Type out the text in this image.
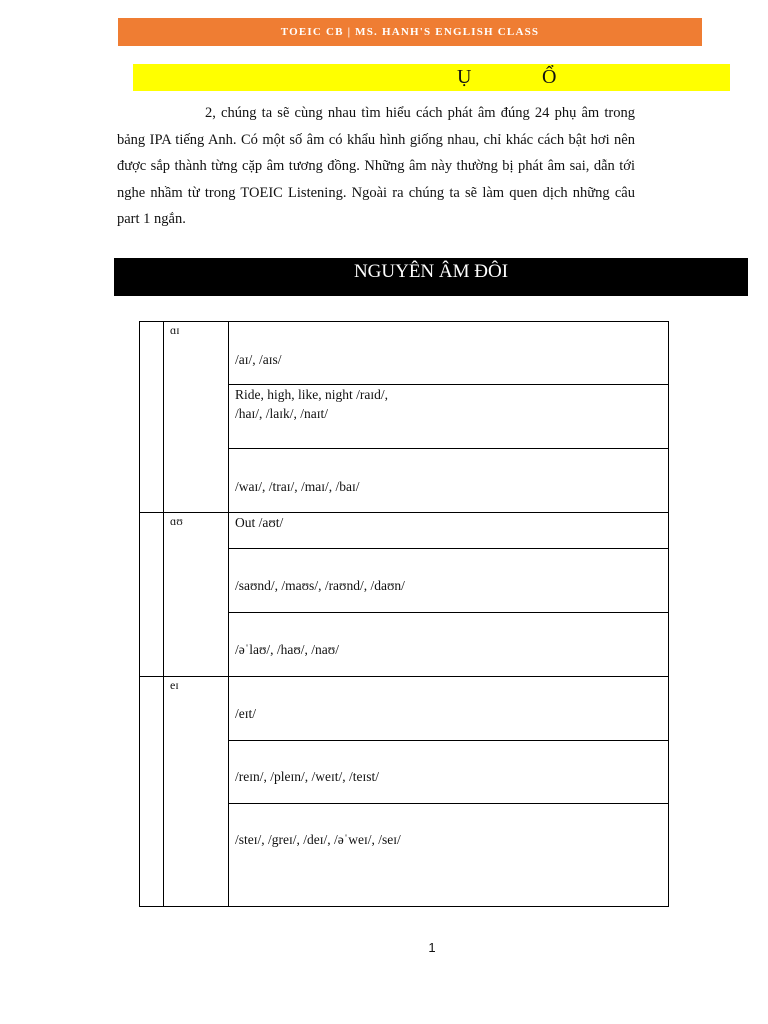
TOEIC CB | MS. HANH'S ENGLISH CLASS
Ụ	Ổ

2, chúng ta sẽ cùng nhau tìm hiểu cách phát âm đúng 24 phụ âm trong bảng IPA tiếng Anh. Có một số âm có khẩu hình giống nhau, chỉ khác cách bật hơi nên được sắp thành từng cặp âm tương đồng. Những âm này thường bị phát âm sai, dẫn tới nghe nhầm từ trong TOEIC Listening. Ngoài ra chúng ta sẽ làm quen dịch những câu part 1 ngắn.

NGUYÊN ÂM ĐÔI
	ɑɪ	/aɪ/, /aɪs/

		Ride, high, like, night /raɪd/,
/haɪ/, /laɪk/, /naɪt/

		/waɪ/, /traɪ/, /maɪ/, /baɪ/

	ɑʊ	Out /aʊt/

		/saʊnd/, /maʊs/, /raʊnd/, /daʊn/

		/əˈlaʊ/, /haʊ/, /naʊ/

	eɪ	/eɪt/

		/reɪn/, /pleɪn/, /weɪt/, /teɪst/

		/steɪ/, /greɪ/, /deɪ/, /əˈweɪ/, /seɪ/
1
